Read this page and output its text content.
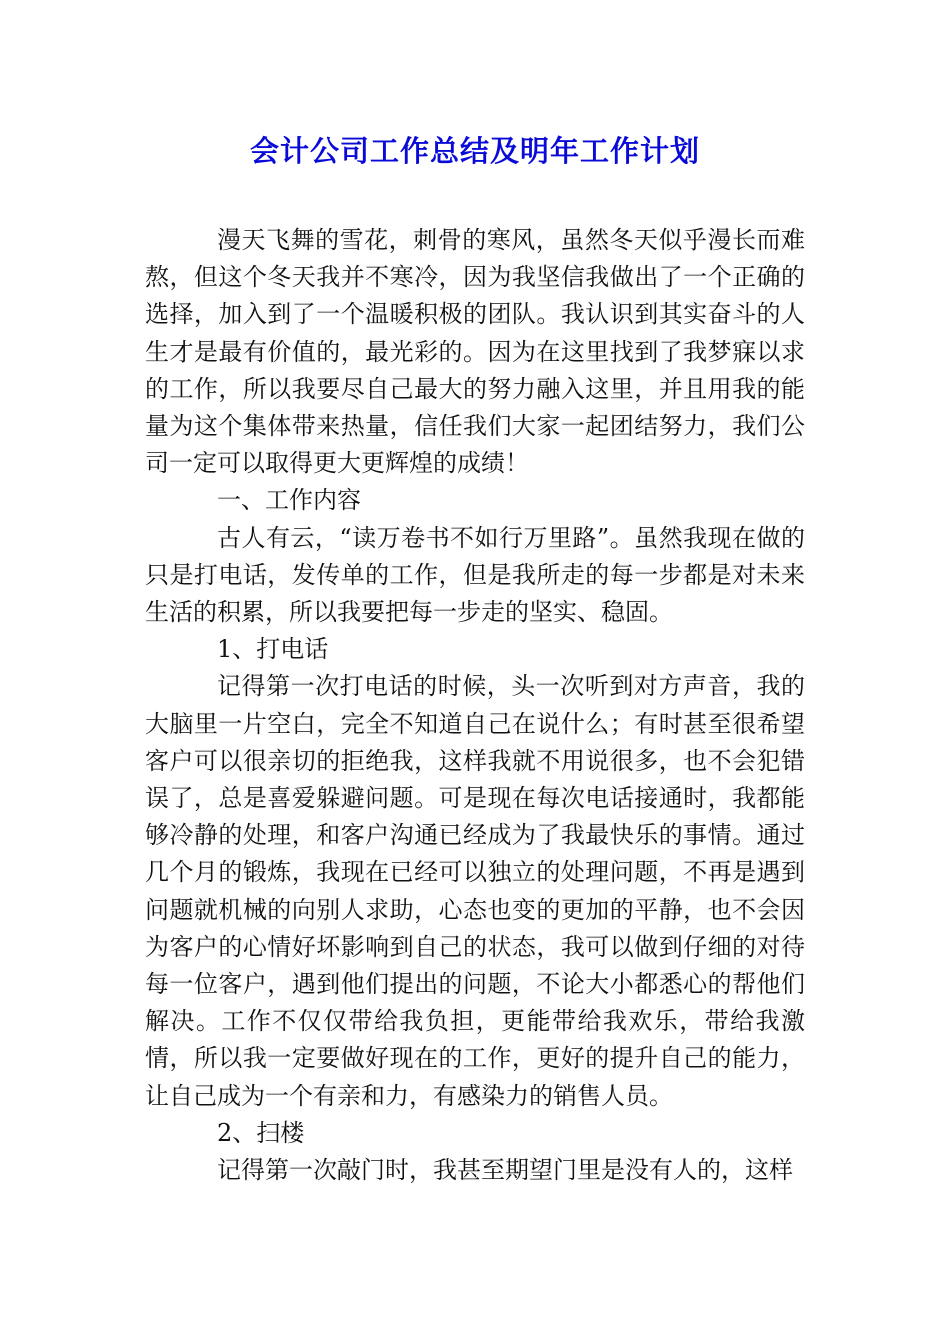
会计公司工作总结及明年工作计划

漫天飞舞的雪花，刺骨的寒风，虽然冬天似乎漫长而难熬，但这个冬天我并不寒冷，因为我坚信我做出了一个正确的选择，加入到了一个温暖积极的团队。我认识到其实奋斗的人生才是最有价值的，最光彩的。因为在这里找到了我梦寐以求的工作，所以我要尽自己最大的努力融入这里，并且用我的能量为这个集体带来热量，信任我们大家一起团结努力，我们公司一定可以取得更大更辉煌的成绩！

一、工作内容

古人有云，“读万卷书不如行万里路”。虽然我现在做的只是打电话，发传单的工作，但是我所走的每一步都是对未来生活的积累，所以我要把每一步走的坚实、稳固。

1、打电话

记得第一次打电话的时候，头一次听到对方声音，我的大脑里一片空白，完全不知道自己在说什么；有时甚至很希望客户可以很亲切的拒绝我，这样我就不用说很多，也不会犯错误了，总是喜爱躲避问题。可是现在每次电话接通时，我都能够冷静的处理，和客户沟通已经成为了我最快乐的事情。通过几个月的锻炼，我现在已经可以独立的处理问题，不再是遇到问题就机械的向别人求助，心态也变的更加的平静，也不会因为客户的心情好坏影响到自己的状态，我可以做到仔细的对待每一位客户，遇到他们提出的问题，不论大小都悉心的帮他们解决。工作不仅仅带给我负担，更能带给我欢乐，带给我激情，所以我一定要做好现在的工作，更好的提升自己的能力，让自己成为一个有亲和力，有感染力的销售人员。

2、扫楼

记得第一次敲门时，我甚至期望门里是没有人的，这样
